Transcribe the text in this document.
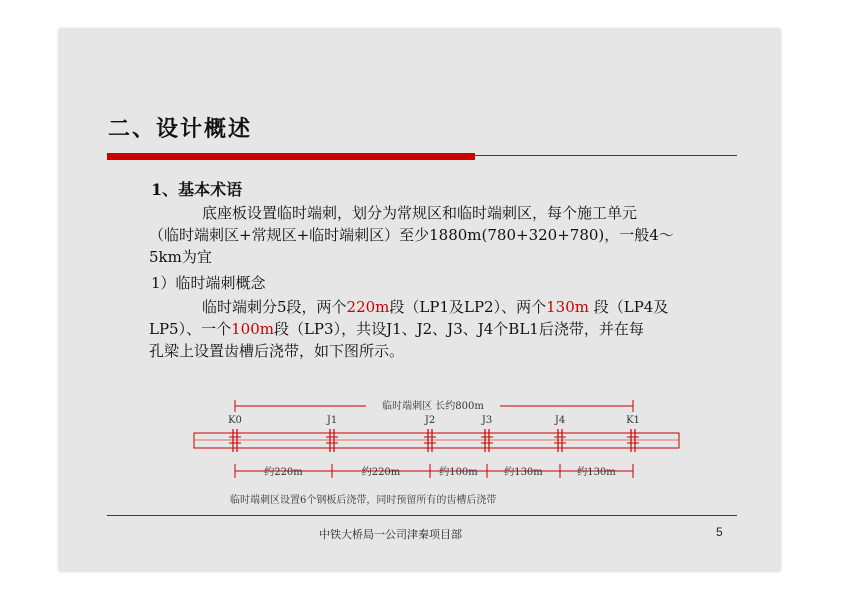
二、设计概述
1、基本术语
底座板设置临时端刺，划分为常规区和临时端刺区，每个施工单元
（临时端刺区+常规区+临时端刺区）至少1880m(780+320+780)，一般4～
5km为宜
1）临时端刺概念
临时端刺分5段，两个220m段（LP1及LP2）、两个130m 段（LP4及
LP5）、一个100m段（LP3），共设J1、J2、J3、J4个BL1后浇带，并在每
孔梁上设置齿槽后浇带，如下图所示。
临时端刺区 长约800m
K0	J1	J2	J3	J4	K1
约220m	约220m	约100m	约130m	约130m
临时端刺区设置6个钢板后浇带，同时预留所有的齿槽后浇带
中铁大桥局一公司津秦项目部	5
